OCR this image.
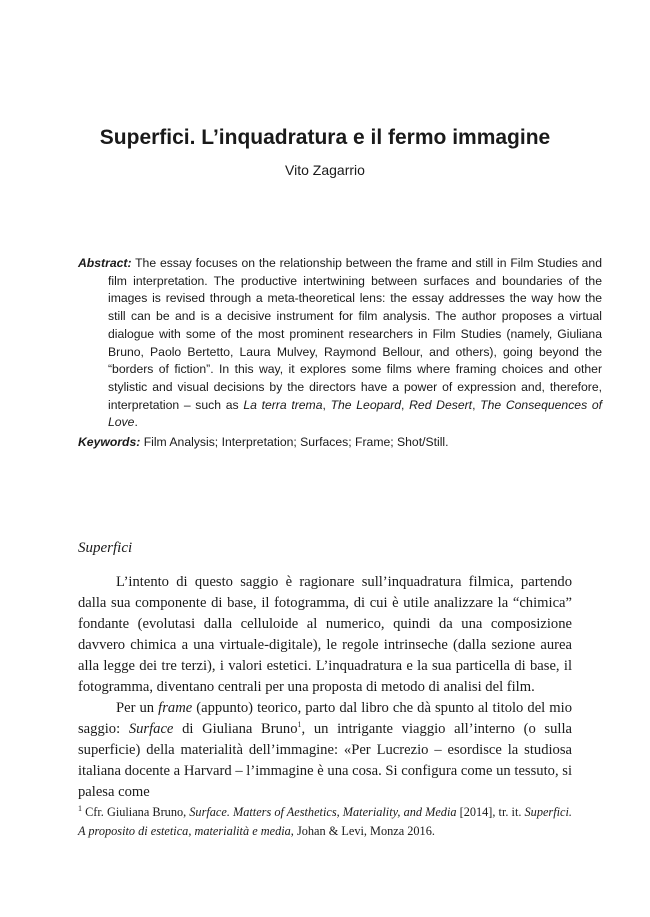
Superfici. L’inquadratura e il fermo immagine
Vito Zagarrio
Abstract: The essay focuses on the relationship between the frame and still in Film Studies and film interpretation. The productive intertwining between surfaces and boundaries of the images is revised through a meta-theoretical lens: the essay addresses the way how the still can be and is a decisive instrument for film analysis. The author proposes a virtual dialogue with some of the most prominent researchers in Film Studies (namely, Giuliana Bruno, Paolo Bertetto, Laura Mulvey, Raymond Bellour, and others), going beyond the “borders of fiction”. In this way, it explores some films where framing choices and other stylistic and visual decisions by the directors have a power of expression and, therefore, interpretation – such as La terra trema, The Leopard, Red Desert, The Consequences of Love.
Keywords: Film Analysis; Interpretation; Surfaces; Frame; Shot/Still.
Superfici

L’intento di questo saggio è ragionare sull’inquadratura filmica, partendo dalla sua componente di base, il fotogramma, di cui è utile analizzare la “chimica” fondante (evolutasi dalla celluloide al numerico, quindi da una composizione davvero chimica a una virtuale-digitale), le regole intrinseche (dalla sezione aurea alla legge dei tre terzi), i valori estetici. L’inquadratura e la sua particella di base, il fotogramma, diventano centrali per una proposta di metodo di analisi del film.

Per un frame (appunto) teorico, parto dal libro che dà spunto al titolo del mio saggio: Surface di Giuliana Bruno$^1$, un intrigante viaggio all’interno (o sulla superficie) della materialità dell’immagine: «Per Lucrezio – esordisce la studiosa italiana docente a Harvard – l’immagine è una cosa. Si configura come un tessuto, si palesa come

$^1$ Cfr. Giuliana Bruno, Surface. Matters of Aesthetics, Materiality, and Media [2014], tr. it. Superfici. A proposito di estetica, materialità e media, Johan & Levi, Monza 2016.
